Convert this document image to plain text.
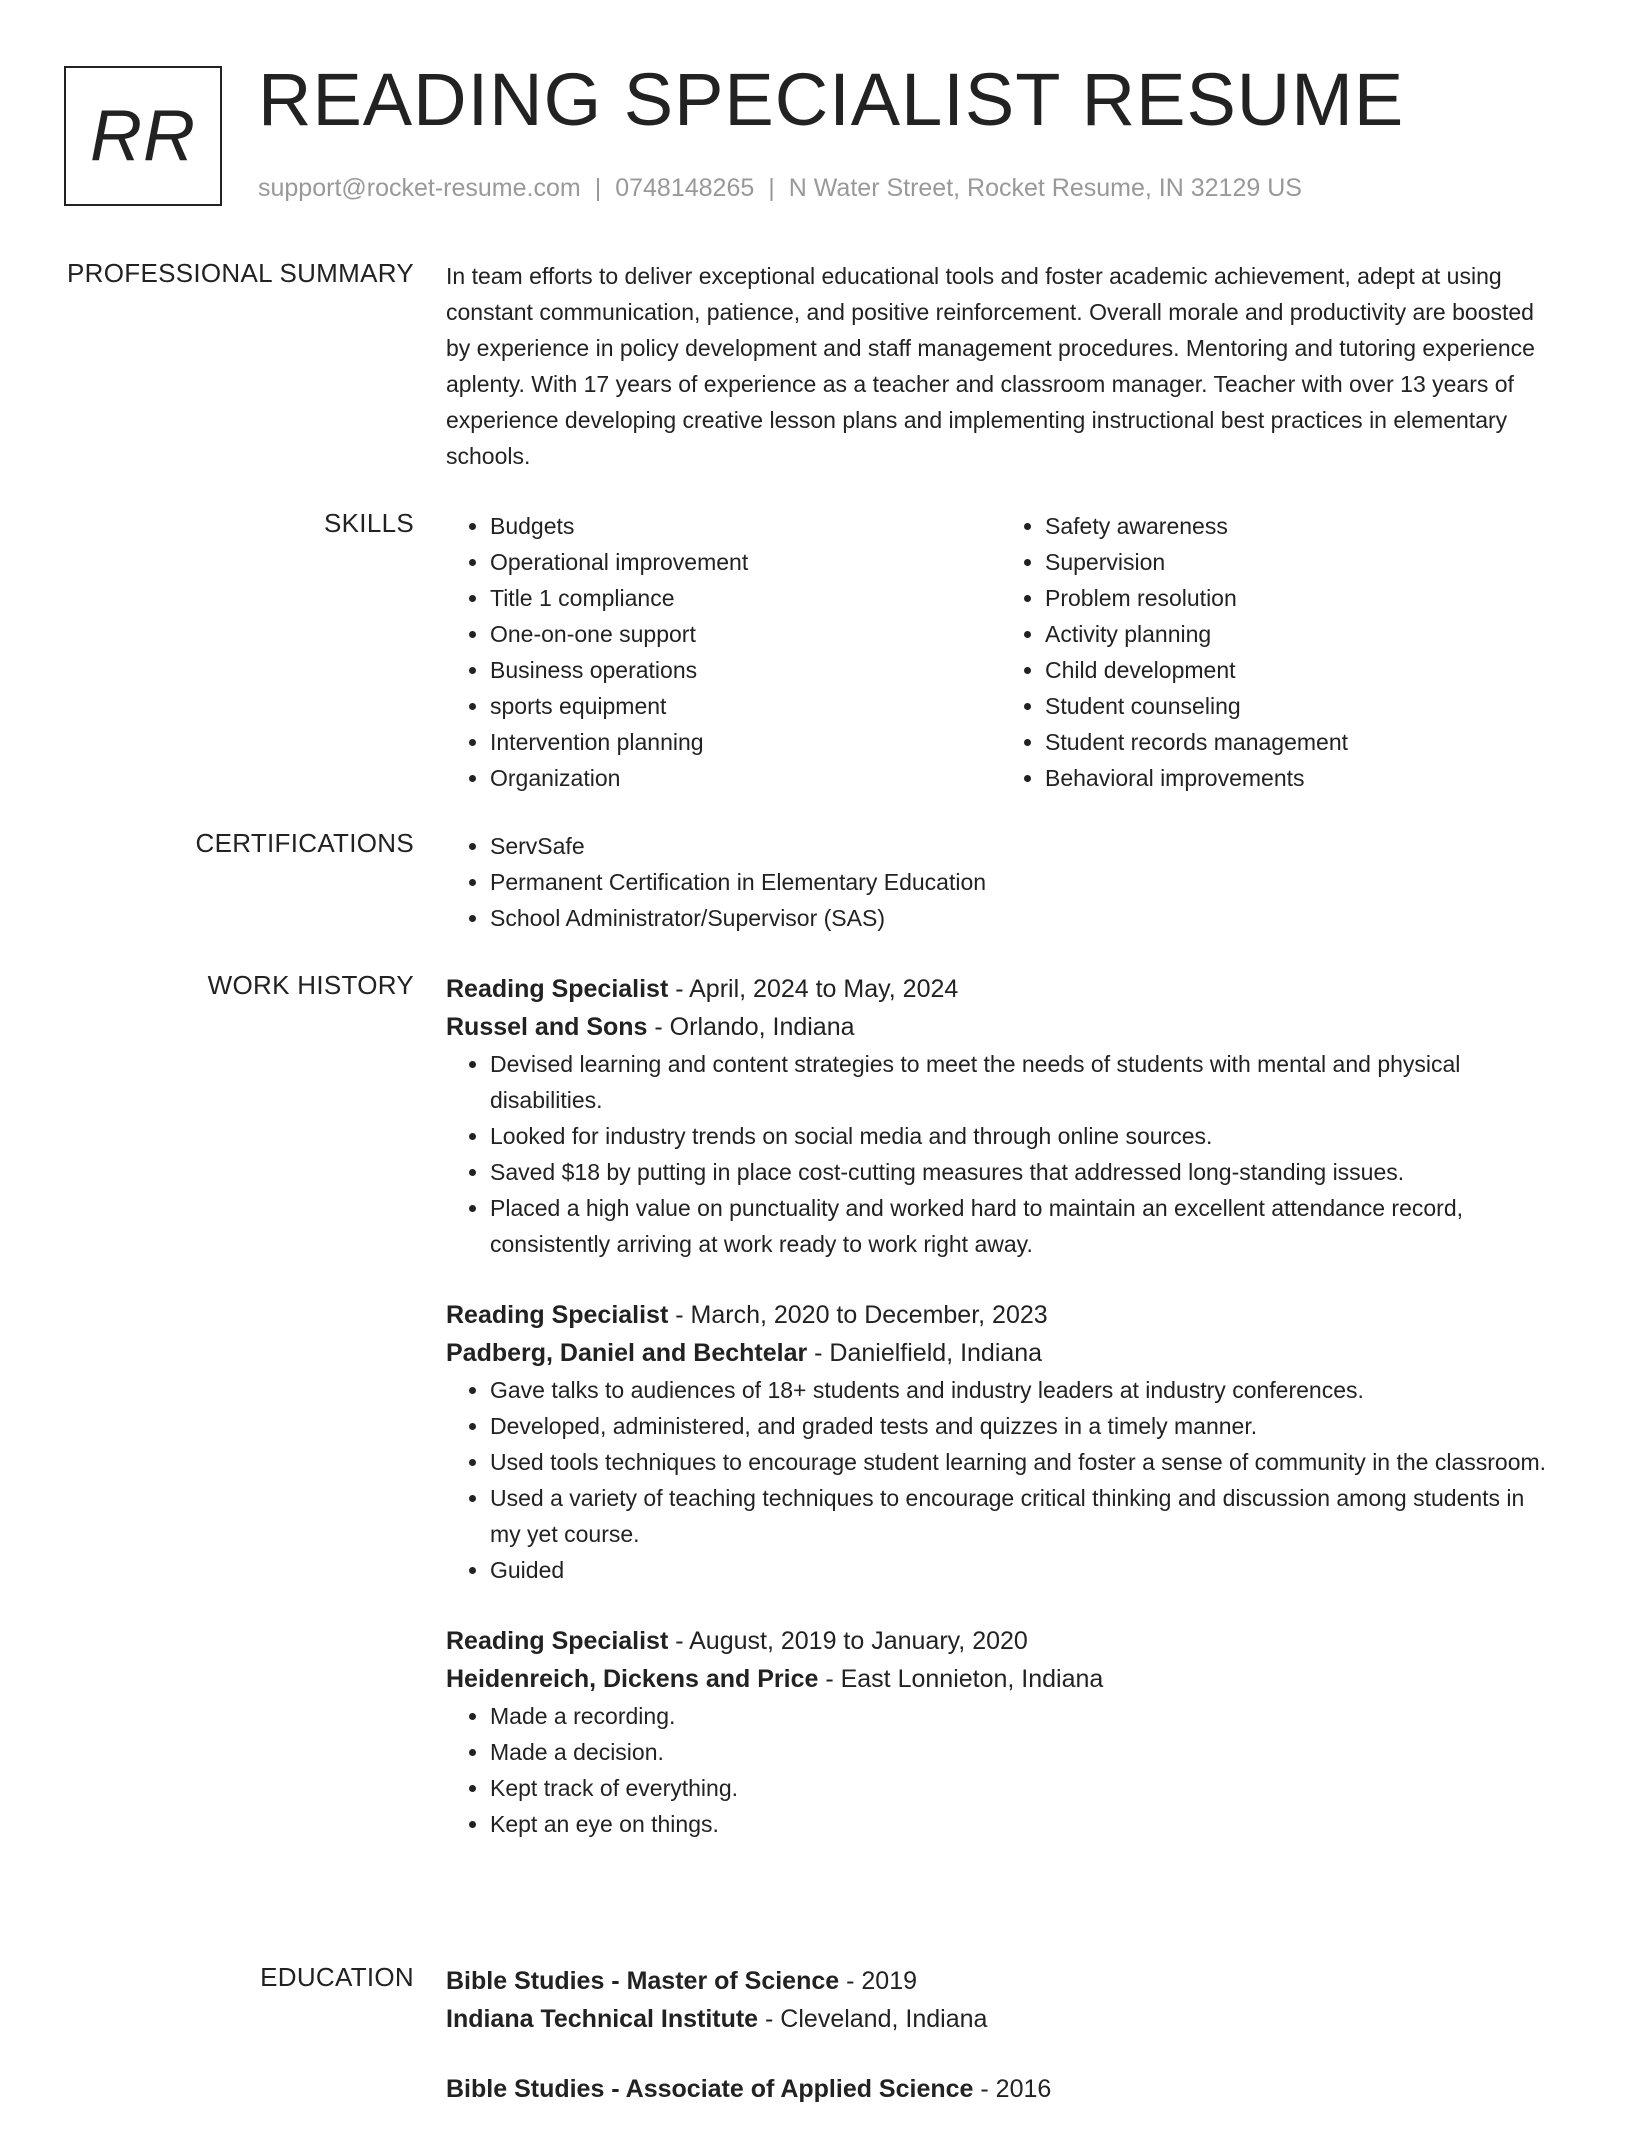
RR READING SPECIALIST RESUME
support@rocket-resume.com | 0748148265 | N Water Street, Rocket Resume, IN 32129 US
PROFESSIONAL SUMMARY In team efforts to deliver exceptional educational tools and foster academic achievement, adept at using constant communication, patience, and positive reinforcement. Overall morale and productivity are boosted by experience in policy development and staff management procedures. Mentoring and tutoring experience aplenty. With 17 years of experience as a teacher and classroom manager. Teacher with over 13 years of experience developing creative lesson plans and implementing instructional best practices in elementary schools.

SKILLS	• Budgets
• Operational improvement
• Title 1 compliance
• One-on-one support
• Business operations
• sports equipment
• Intervention planning
• Organization
• Safety awareness
• Supervision
• Problem resolution
• Activity planning
• Child development
• Student counseling
• Student records management
• Behavioral improvements
CERTIFICATIONS	• ServSafe
• Permanent Certification in Elementary Education
• School Administrator/Supervisor (SAS)
WORK HISTORY Reading Specialist - April, 2024 to May, 2024
Russel and Sons - Orlando, Indiana
• Devised learning and content strategies to meet the needs of students with mental and physical disabilities.
• Looked for industry trends on social media and through online sources.
• Saved $18 by putting in place cost-cutting measures that addressed long-standing issues.
• Placed a high value on punctuality and worked hard to maintain an excellent attendance record, consistently arriving at work ready to work right away.
Reading Specialist - March, 2020 to December, 2023
Padberg, Daniel and Bechtelar - Danielfield, Indiana
• Gave talks to audiences of 18+ students and industry leaders at industry conferences.
• Developed, administered, and graded tests and quizzes in a timely manner.
• Used tools techniques to encourage student learning and foster a sense of community in the classroom.
• Used a variety of teaching techniques to encourage critical thinking and discussion among students in my yet course.
• Guided
Reading Specialist - August, 2019 to January, 2020
Heidenreich, Dickens and Price - East Lonnieton, Indiana
• Made a recording.
• Made a decision.
• Kept track of everything.
• Kept an eye on things.
EDUCATION Bible Studies - Master of Science - 2019
Indiana Technical Institute - Cleveland, Indiana
Bible Studies - Associate of Applied Science - 2016
